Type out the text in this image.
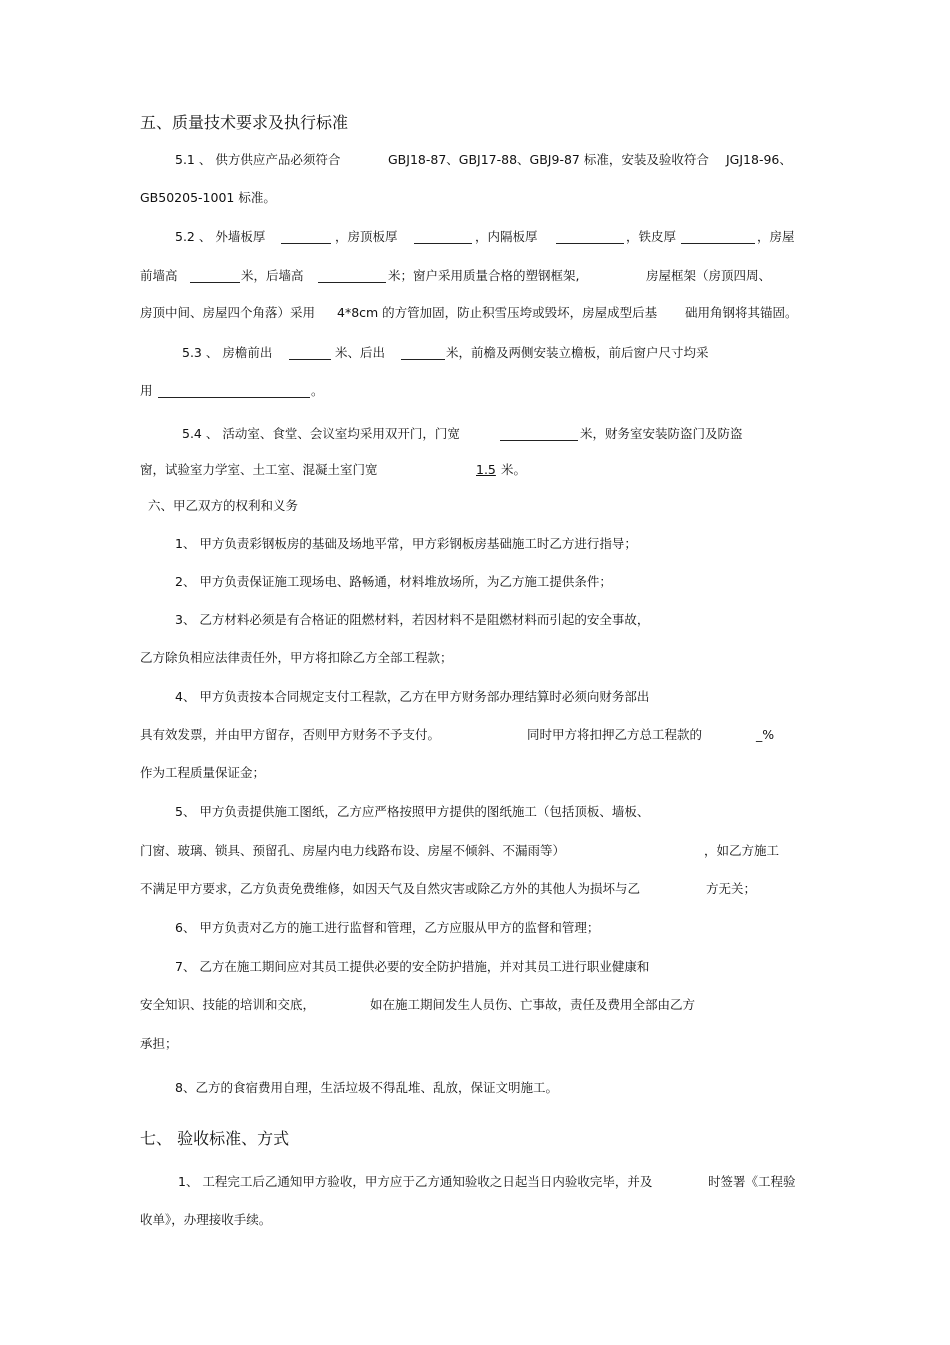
五、质量技术要求及执行标准
5.1 、 供方供应产品必须符合	GBJ18-87、GBJ17-88、GBJ9-87 标准，安装及验收符合 JGJ18-96、
GB50205-1001 标准。
5.2 、 外墙板厚	，房顶板厚	，内隔板厚	，铁皮厚	，房屋
前墙高	米，后墙高	米；窗户采用质量合格的塑钢框架,	房屋框架（房顶四周、
房顶中间、房屋四个角落）采用 4*8cm 的方管加固，防止积雪压垮或毁坏，房屋成型后基 础用角钢将其锚固。
5.3 、 房檐前出	米、后出	米，前檐及两侧安装立檐板，前后窗户尺寸均采
用	。
5.4 、 活动室、食堂、会议室均采用双开门，门宽	米，财务室安装防盗门及防盗
窗，试验室力学室、土工室、混凝土室门宽	1.5 米。
六、甲乙双方的权利和义务
1、 甲方负责彩钢板房的基础及场地平常，甲方彩钢板房基础施工时乙方进行指导；
2、 甲方负责保证施工现场电、路畅通，材料堆放场所，为乙方施工提供条件；
3、 乙方材料必须是有合格证的阻燃材料，若因材料不是阻燃材料而引起的安全事故，
乙方除负相应法律责任外，甲方将扣除乙方全部工程款；
4、 甲方负责按本合同规定支付工程款，乙方在甲方财务部办理结算时必须向财务部出
具有效发票，并由甲方留存，否则甲方财务不予支付。	同时甲方将扣押乙方总工程款的	_%
作为工程质量保证金；
5、 甲方负责提供施工图纸，乙方应严格按照甲方提供的图纸施工（包括顶板、墙板、
门窗、玻璃、锁具、预留孔、房屋内电力线路布设、房屋不倾斜、不漏雨等）	，如乙方施工
不满足甲方要求，乙方负责免费维修，如因天气及自然灾害或除乙方外的其他人为损坏与乙	方无关；
6、 甲方负责对乙方的施工进行监督和管理，乙方应服从甲方的监督和管理；
7、 乙方在施工期间应对其员工提供必要的安全防护措施，并对其员工进行职业健康和
安全知识、技能的培训和交底，	如在施工期间发生人员伤、亡事故，责任及费用全部由乙方
承担；
8、乙方的食宿费用自理，生活垃圾不得乱堆、乱放，保证文明施工。
七、 验收标准、方式
1、 工程完工后乙通知甲方验收，甲方应于乙方通知验收之日起当日内验收完毕，并及	时签署《工程验
收单》，办理接收手续。
